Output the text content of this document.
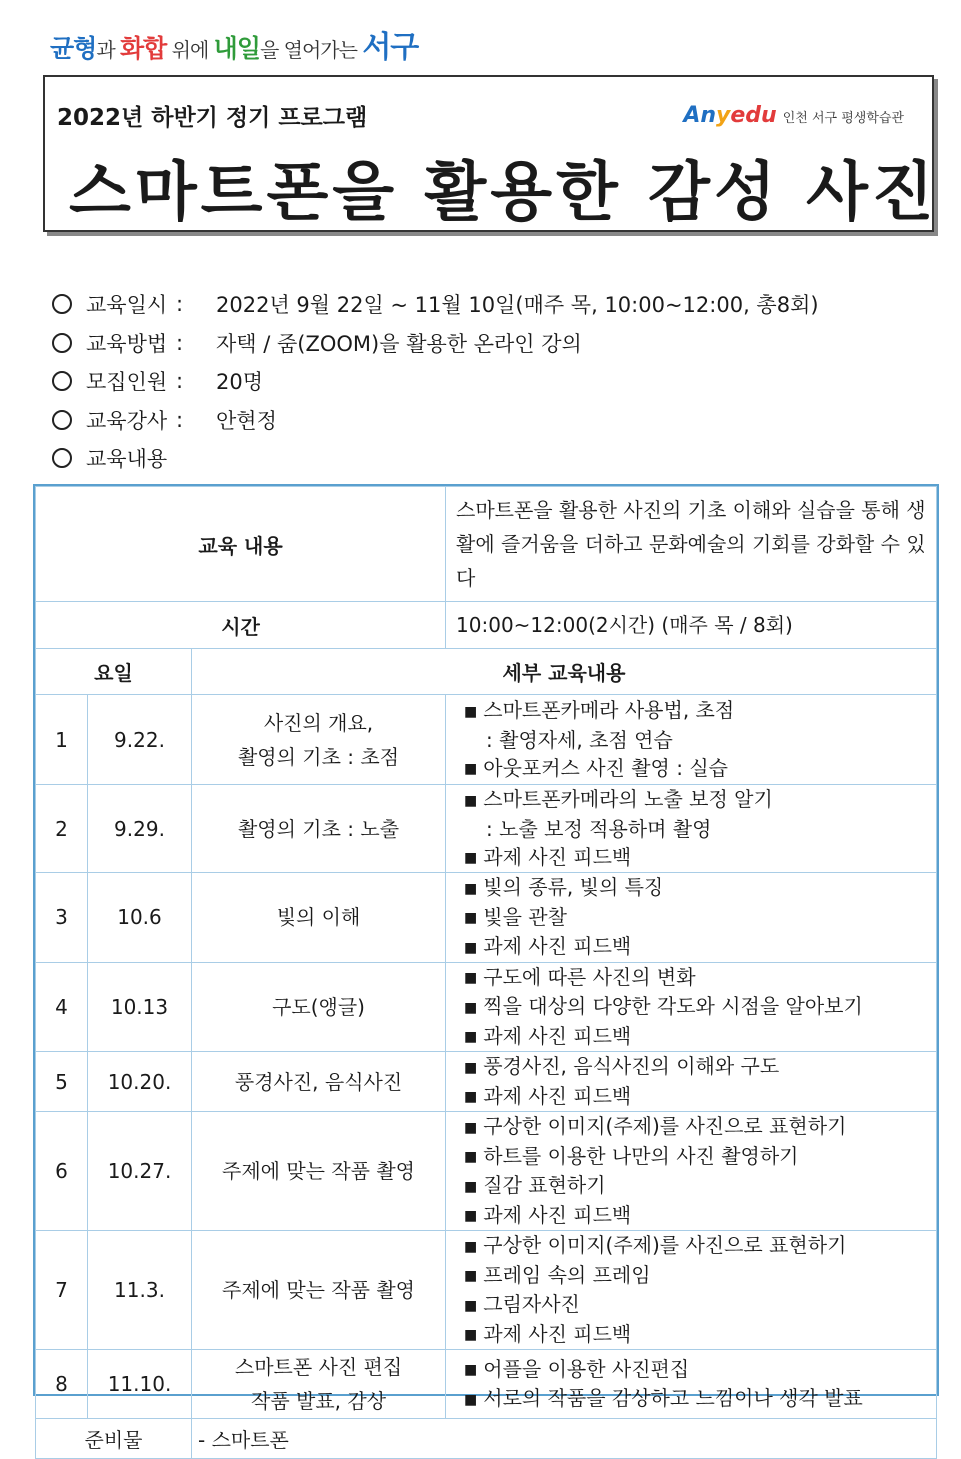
균형과 화합 위에 내일을 열어가는 서구
2022년 하반기 정기 프로그램	Anyedu 인천 서구 평생학습관
스마트폰을 활용한 감성 사진
교육일시 :	2022년 9월 22일 ~ 11월 10일(매주 목, 10:00~12:00, 총8회)
교육방법 :	자택 / 줌(ZOOM)을 활용한 온라인 강의
모집인원 :	20명
교육강사 :	안현정
교육내용
교육 내용			스마트폰을 활용한 사진의 기초 이해와 실습을 통해 생활에 즐거움을 더하고 문화예술의 기회를 강화할 수 있다
시간			10:00~12:00(2시간) (매주 목 / 8회)
요일		세부 교육내용	
1	9.22.	사진의 개요,
촬영의 기초 : 초점	■ 스마트폰카메라 사용법, 초점
: 촬영자세, 초점 연습
■ 아웃포커스 사진 촬영 : 실습

2	9.29.	촬영의 기초 : 노출	■ 스마트폰카메라의 노출 보정 알기
: 노출 보정 적용하며 촬영
■ 과제 사진 피드백

3	10.6	빛의 이해	■ 빛의 종류, 빛의 특징
■ 빛을 관찰
■ 과제 사진 피드백

4	10.13	구도(앵글)	■ 구도에 따른 사진의 변화
■ 찍을 대상의 다양한 각도와 시점을 알아보기
■ 과제 사진 피드백

5	10.20.	풍경사진, 음식사진	■ 풍경사진, 음식사진의 이해와 구도
■ 과제 사진 피드백

6	10.27.	주제에 맞는 작품 촬영	■ 구상한 이미지(주제)를 사진으로 표현하기
■ 하트를 이용한 나만의 사진 촬영하기
■ 질감 표현하기
■ 과제 사진 피드백

7	11.3.	주제에 맞는 작품 촬영	■ 구상한 이미지(주제)를 사진으로 표현하기
■ 프레임 속의 프레임
■ 그림자사진
■ 과제 사진 피드백

8	11.10.	스마트폰 사진 편집
작품 발표, 감상	■ 어플을 이용한 사진편집
■ 서로의 작품을 감상하고 느낌이나 생각 발표

준비물		- 스마트폰	
